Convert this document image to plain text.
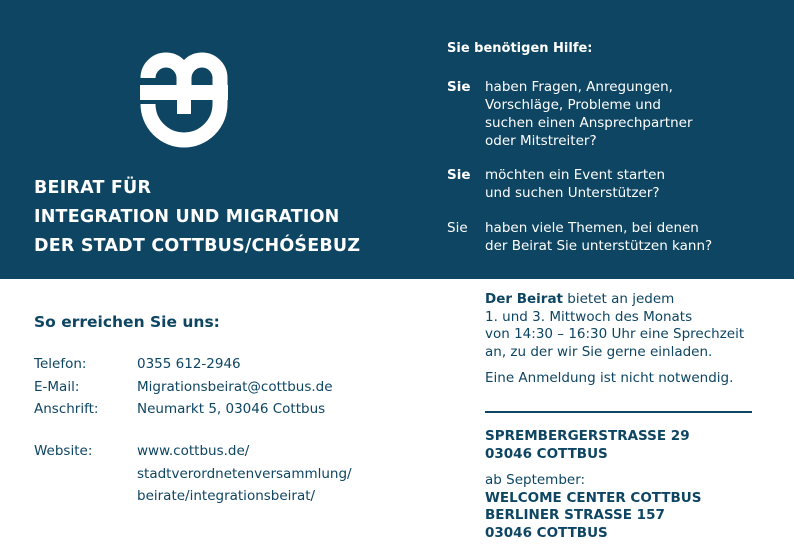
BEIRAT FÜR
INTEGRATION UND MIGRATION
DER STADT COTTBUS/CHÓŚEBUZ
Sie benötigen Hilfe:
Sie haben Fragen, Anregungen,
Vorschläge, Probleme und
suchen einen Ansprechpartner
oder Mitstreiter?
Sie möchten ein Event starten
und suchen Unterstützer?
Sie haben viele Themen, bei denen
der Beirat Sie unterstützen kann?
So erreichen Sie uns:
Telefon:	0355 612-2946
E-Mail:	Migrationsbeirat@cottbus.de
Anschrift:	Neumarkt 5, 03046 Cottbus
Website:	www.cottbus.de/
stadtverordnetenversammlung/
beirate/integrationsbeirat/
Der Beirat bietet an jedem
1. und 3. Mittwoch des Monats
von 14:30 – 16:30 Uhr eine Sprechzeit
an, zu der wir Sie gerne einladen.
Eine Anmeldung ist nicht notwendig.
SPREMBERGERSTRASSE 29
03046 COTTBUS
ab September:
WELCOME CENTER COTTBUS
BERLINER STRASSE 157
03046 COTTBUS
